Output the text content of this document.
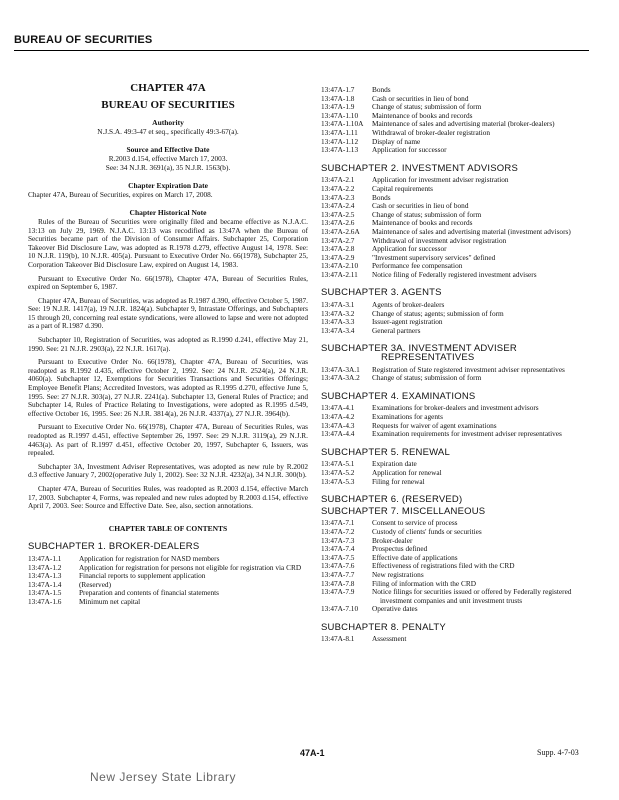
BUREAU OF SECURITIES
CHAPTER 47A
BUREAU OF SECURITIES
Authority
N.J.S.A. 49:3-47 et seq., specifically 49:3-67(a).
Source and Effective Date
R.2003 d.154, effective March 17, 2003.
See: 34 N.J.R. 3691(a), 35 N.J.R. 1563(b).
Chapter Expiration Date
Chapter 47A, Bureau of Securities, expires on March 17, 2008.
Chapter Historical Note

Rules of the Bureau of Securities were originally filed and became effective as N.J.A.C. 13:13 on July 29, 1969. N.J.A.C. 13:13 was recodified as 13:47A when the Bureau of Securities became part of the Division of Consumer Affairs. Subchapter 25, Corporation Takeover Bid Disclosure Law, was adopted as R.1978 d.279, effective August 14, 1978. See: 10 N.J.R. 119(b), 10 N.J.R. 405(a). Pursuant to Executive Order No. 66(1978), Subchapter 25, Corporation Takeover Bid Disclosure Law, expired on August 14, 1983.

Pursuant to Executive Order No. 66(1978), Chapter 47A, Bureau of Securities Rules, expired on September 6, 1987.

Chapter 47A, Bureau of Securities, was adopted as R.1987 d.390, effective October 5, 1987. See: 19 N.J.R. 1417(a), 19 N.J.R. 1824(a). Subchapter 9, Intrastate Offerings, and Subchapters 15 through 20, concerning real estate syndications, were allowed to lapse and were not adopted as a part of R.1987 d.390.

Subchapter 10, Registration of Securities, was adopted as R.1990 d.241, effective May 21, 1990. See: 21 N.J.R. 2903(a), 22 N.J.R. 1617(a).

Pursuant to Executive Order No. 66(1978), Chapter 47A, Bureau of Securities, was readopted as R.1992 d.435, effective October 2, 1992. See: 24 N.J.R. 2524(a), 24 N.J.R. 4060(a). Subchapter 12, Exemptions for Securities Transactions and Securities Offerings; Employee Benefit Plans; Accredited Investors, was adopted as R.1995 d.270, effective June 5, 1995. See: 27 N.J.R. 303(a), 27 N.J.R. 2241(a). Subchapter 13, General Rules of Practice; and Subchapter 14, Rules of Practice Relating to Investigations, were adopted as R.1995 d.549, effective October 16, 1995. See: 26 N.J.R. 3814(a), 26 N.J.R. 4337(a), 27 N.J.R. 3964(b).

Pursuant to Executive Order No. 66(1978), Chapter 47A, Bureau of Securities Rules, was readopted as R.1997 d.451, effective September 26, 1997. See: 29 N.J.R. 3119(a), 29 N.J.R. 4463(a). As part of R.1997 d.451, effective October 20, 1997, Subchapter 6, Issuers, was repealed.

Subchapter 3A, Investment Adviser Representatives, was adopted as new rule by R.2002 d.3 effective January 7, 2002(operative July 1, 2002). See: 32 N.J.R. 4232(a), 34 N.J.R. 300(b).

Chapter 47A, Bureau of Securities Rules, was readopted as R.2003 d.154, effective March 17, 2003. Subchapter 4, Forms, was repealed and new rules adopted by R.2003 d.154, effective April 7, 2003. See: Source and Effective Date. See, also, section annotations.

CHAPTER TABLE OF CONTENTS
SUBCHAPTER 1. BROKER-DEALERS
13:47A-1.1	Application for registration for NASD members
13:47A-1.2	Application for registration for persons not eligible for registration via CRD
13:47A-1.3	Financial reports to supplement application
13:47A-1.4	(Reserved)
13:47A-1.5	Preparation and contents of financial statements
13:47A-1.6	Minimum net capital
13:47A-1.7	Bonds
13:47A-1.8	Cash or securities in lieu of bond
13:47A-1.9	Change of status; submission of form
13:47A-1.10	Maintenance of books and records
13:47A-1.10A	Maintenance of sales and advertising material (broker-dealers)
13:47A-1.11	Withdrawal of broker-dealer registration
13:47A-1.12	Display of name
13:47A-1.13	Application for successor
SUBCHAPTER 2. INVESTMENT ADVISORS
13:47A-2.1	Application for investment adviser registration
13:47A-2.2	Capital requirements
13:47A-2.3	Bonds
13:47A-2.4	Cash or securities in lieu of bond
13:47A-2.5	Change of status; submission of form
13:47A-2.6	Maintenance of books and records
13:47A-2.6A	Maintenance of sales and advertising material (investment advisors)
13:47A-2.7	Withdrawal of investment advisor registration
13:47A-2.8	Application for successor
13:47A-2.9	"Investment supervisory services" defined
13:47A-2.10	Performance fee compensation
13:47A-2.11	Notice filing of Federally registered investment advisers
SUBCHAPTER 3. AGENTS
13:47A-3.1	Agents of broker-dealers
13:47A-3.2	Change of status; agents; submission of form
13:47A-3.3	Issuer-agent registration
13:47A-3.4	General partners
SUBCHAPTER 3A. INVESTMENT ADVISER
REPRESENTATIVES
13:47A-3A.1	Registration of State registered investment adviser representatives
13:47A-3A.2	Change of status; submission of form
SUBCHAPTER 4. EXAMINATIONS
13:47A-4.1	Examinations for broker-dealers and investment advisors
13:47A-4.2	Examinations for agents
13:47A-4.3	Requests for waiver of agent examinations
13:47A-4.4	Examination requirements for investment adviser representatives
SUBCHAPTER 5. RENEWAL
13:47A-5.1	Expiration date
13:47A-5.2	Application for renewal
13:47A-5.3	Filing for renewal
SUBCHAPTER 6. (RESERVED)
SUBCHAPTER 7. MISCELLANEOUS
13:47A-7.1	Consent to service of process
13:47A-7.2	Custody of clients' funds or securities
13:47A-7.3	Broker-dealer
13:47A-7.4	Prospectus defined
13:47A-7.5	Effective date of applications
13:47A-7.6	Effectiveness of registrations filed with the CRD
13:47A-7.7	New registrations
13:47A-7.8	Filing of information with the CRD
13:47A-7.9	Notice filings for securities issued or offered by Federally registered investment companies and unit investment trusts
13:47A-7.10	Operative dates
SUBCHAPTER 8. PENALTY
13:47A-8.1	Assessment
47A-1	Supp. 4-7-03
New Jersey State Library
